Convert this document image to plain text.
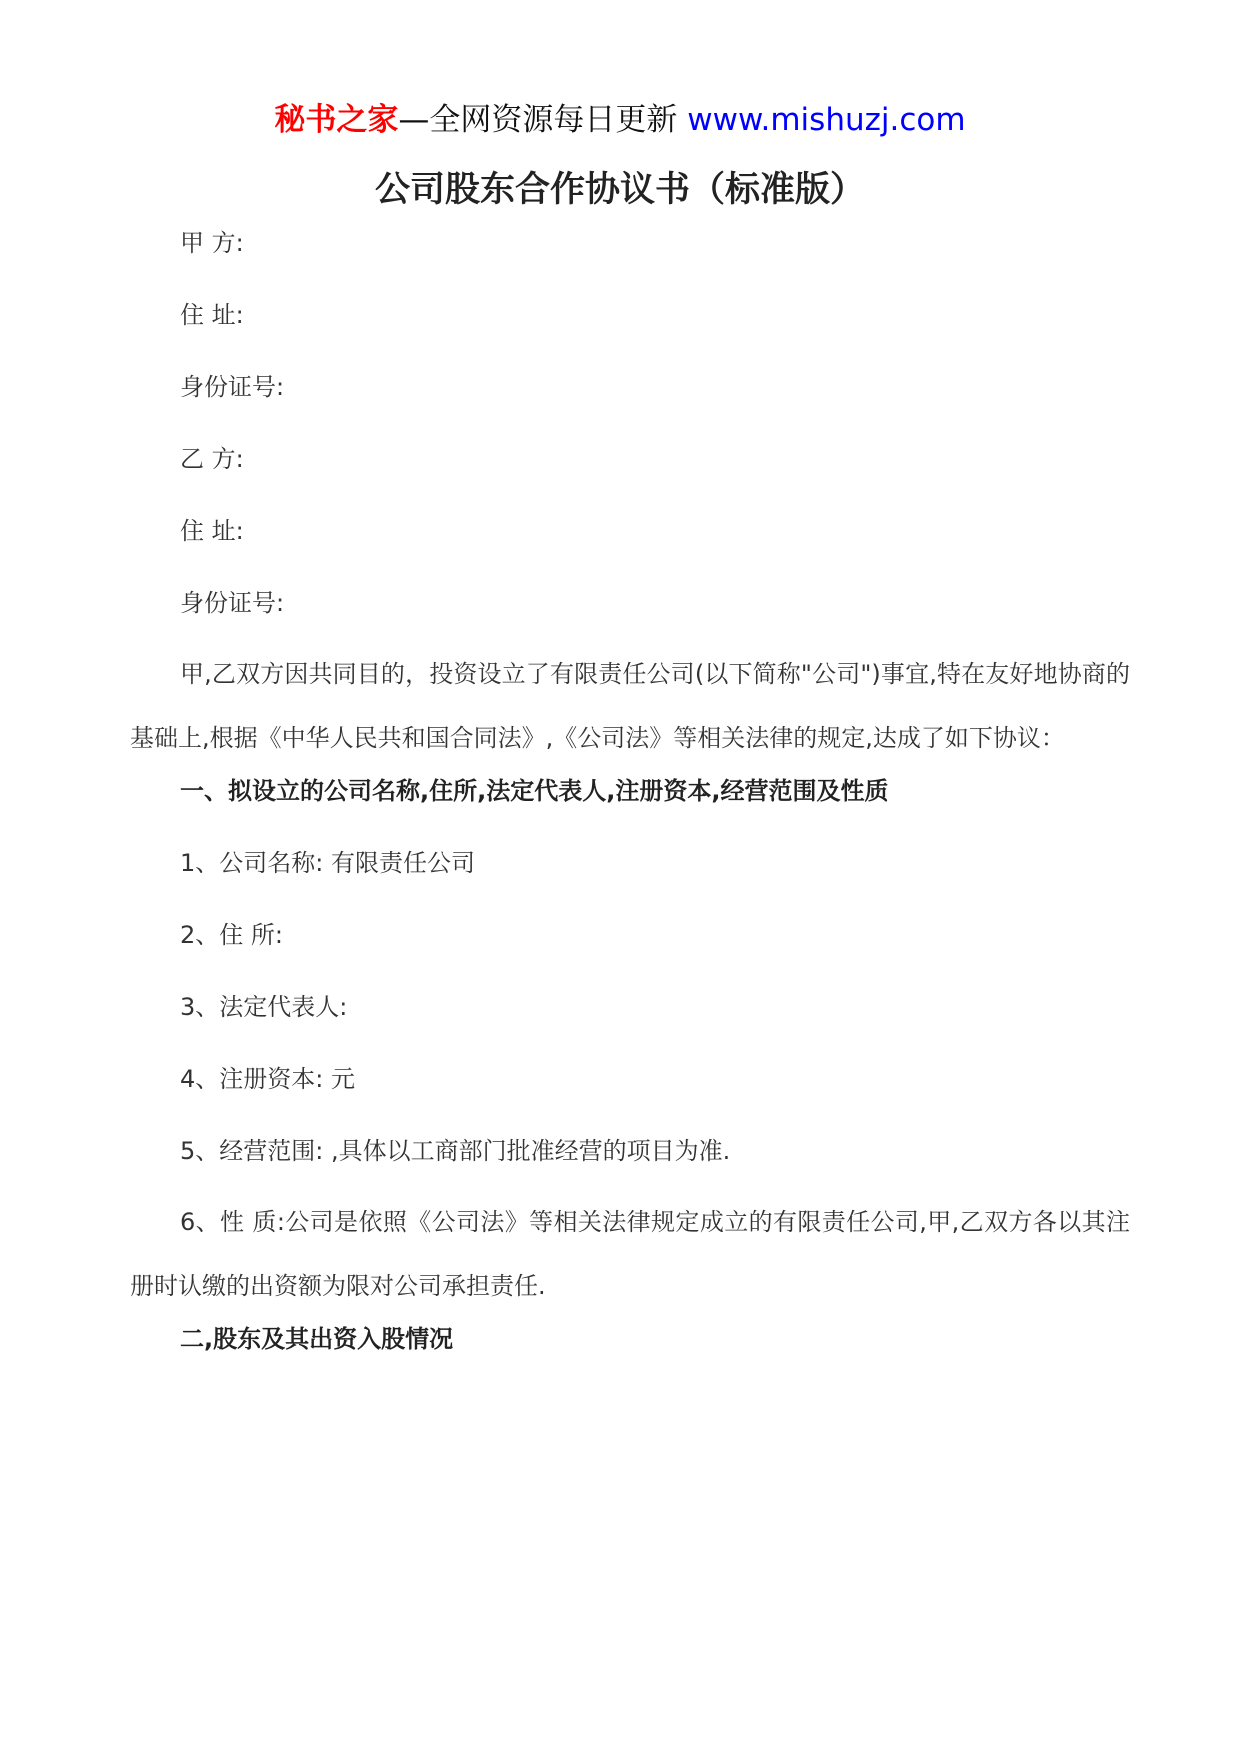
秘书之家—全网资源每日更新 www.mishuzj.com
公司股东合作协议书（标准版）
甲 方:
住 址:
身份证号:
乙 方:
住 址:
身份证号:
甲,乙双方因共同目的，投资设立了有限责任公司(以下简称"公司")事宜,特在友好地协商的基础上,根据《中华人民共和国合同法》,《公司法》等相关法律的规定,达成了如下协议：
一、拟设立的公司名称,住所,法定代表人,注册资本,经营范围及性质
1、公司名称: 有限责任公司
2、住 所:
3、法定代表人:
4、注册资本: 元
5、经营范围: ,具体以工商部门批准经营的项目为准.
6、性 质:公司是依照《公司法》等相关法律规定成立的有限责任公司,甲,乙双方各以其注册时认缴的出资额为限对公司承担责任.
二,股东及其出资入股情况
